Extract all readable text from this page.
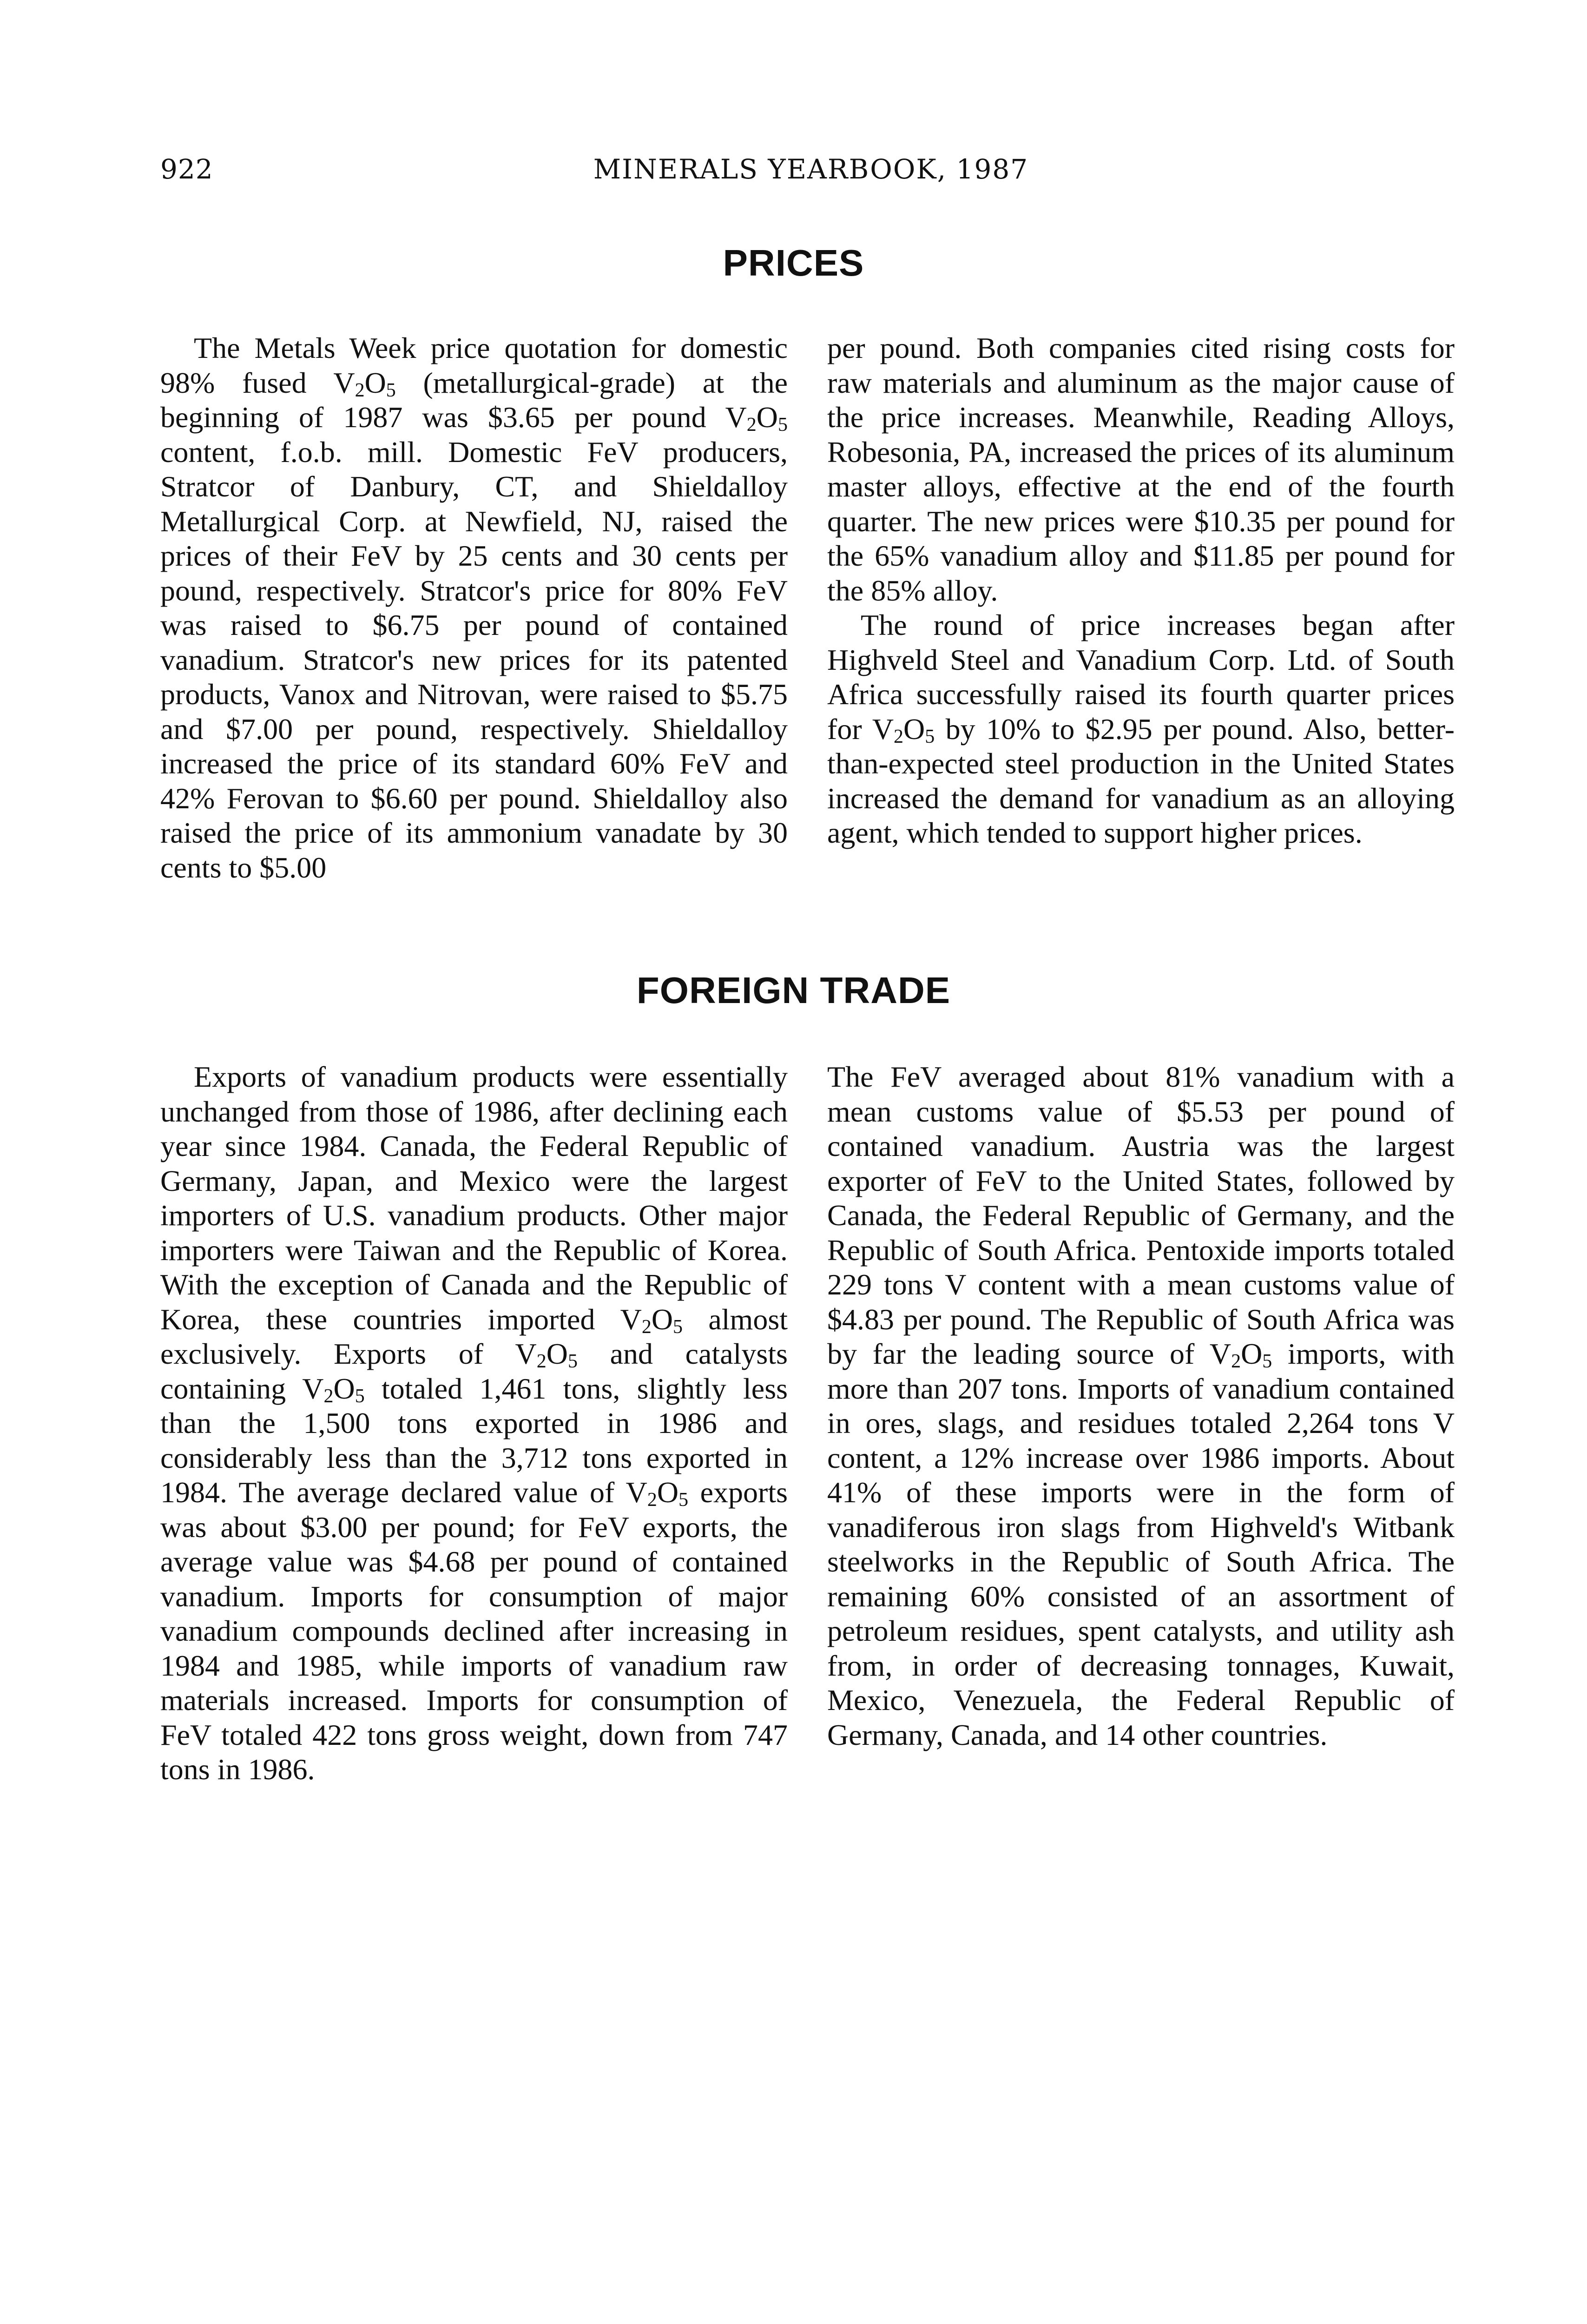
922	MINERALS YEARBOOK, 1987
PRICES

The Metals Week price quotation for domestic 98% fused $V_2O_5$ (metallurgical-grade) at the beginning of 1987 was $3.65 per pound $V_2O_5$ content, f.o.b. mill. Domestic FeV producers, Stratcor of Danbury, CT, and Shieldalloy Metallurgical Corp. at Newfield, NJ, raised the prices of their FeV by 25 cents and 30 cents per pound, respectively. Stratcor's price for 80% FeV was raised to $6.75 per pound of contained vanadium. Stratcor's new prices for its patented products, Vanox and Nitrovan, were raised to $5.75 and $7.00 per pound, respectively. Shieldalloy increased the price of its standard 60% FeV and 42% Ferovan to $6.60 per pound. Shieldalloy also raised the price of its ammonium vanadate by 30 cents to $5.00

per pound. Both companies cited rising costs for raw materials and aluminum as the major cause of the price increases. Meanwhile, Reading Alloys, Robesonia, PA, increased the prices of its aluminum master alloys, effective at the end of the fourth quarter. The new prices were $10.35 per pound for the 65% vanadium alloy and $11.85 per pound for the 85% alloy.

The round of price increases began after Highveld Steel and Vanadium Corp. Ltd. of South Africa successfully raised its fourth quarter prices for $V_2O_5$ by 10% to $2.95 per pound. Also, better-than-expected steel production in the United States increased the demand for vanadium as an alloying agent, which tended to support higher prices.

FOREIGN TRADE

Exports of vanadium products were essentially unchanged from those of 1986, after declining each year since 1984. Canada, the Federal Republic of Germany, Japan, and Mexico were the largest importers of U.S. vanadium products. Other major importers were Taiwan and the Republic of Korea. With the exception of Canada and the Republic of Korea, these countries imported $V_2O_5$ almost exclusively. Exports of $V_2O_5$ and catalysts containing $V_2O_5$ totaled 1,461 tons, slightly less than the 1,500 tons exported in 1986 and considerably less than the 3,712 tons exported in 1984. The average declared value of $V_2O_5$ exports was about $3.00 per pound; for FeV exports, the average value was $4.68 per pound of contained vanadium. Imports for consumption of major vanadium compounds declined after increasing in 1984 and 1985, while imports of vanadium raw materials increased. Imports for consumption of FeV totaled 422 tons gross weight, down from 747 tons in 1986.

The FeV averaged about 81% vanadium with a mean customs value of $5.53 per pound of contained vanadium. Austria was the largest exporter of FeV to the United States, followed by Canada, the Federal Republic of Germany, and the Republic of South Africa. Pentoxide imports totaled 229 tons V content with a mean customs value of $4.83 per pound. The Republic of South Africa was by far the leading source of $V_2O_5$ imports, with more than 207 tons. Imports of vanadium contained in ores, slags, and residues totaled 2,264 tons V content, a 12% increase over 1986 imports. About 41% of these imports were in the form of vanadiferous iron slags from Highveld's Witbank steelworks in the Republic of South Africa. The remaining 60% consisted of an assortment of petroleum residues, spent catalysts, and utility ash from, in order of decreasing tonnages, Kuwait, Mexico, Venezuela, the Federal Republic of Germany, Canada, and 14 other countries.
